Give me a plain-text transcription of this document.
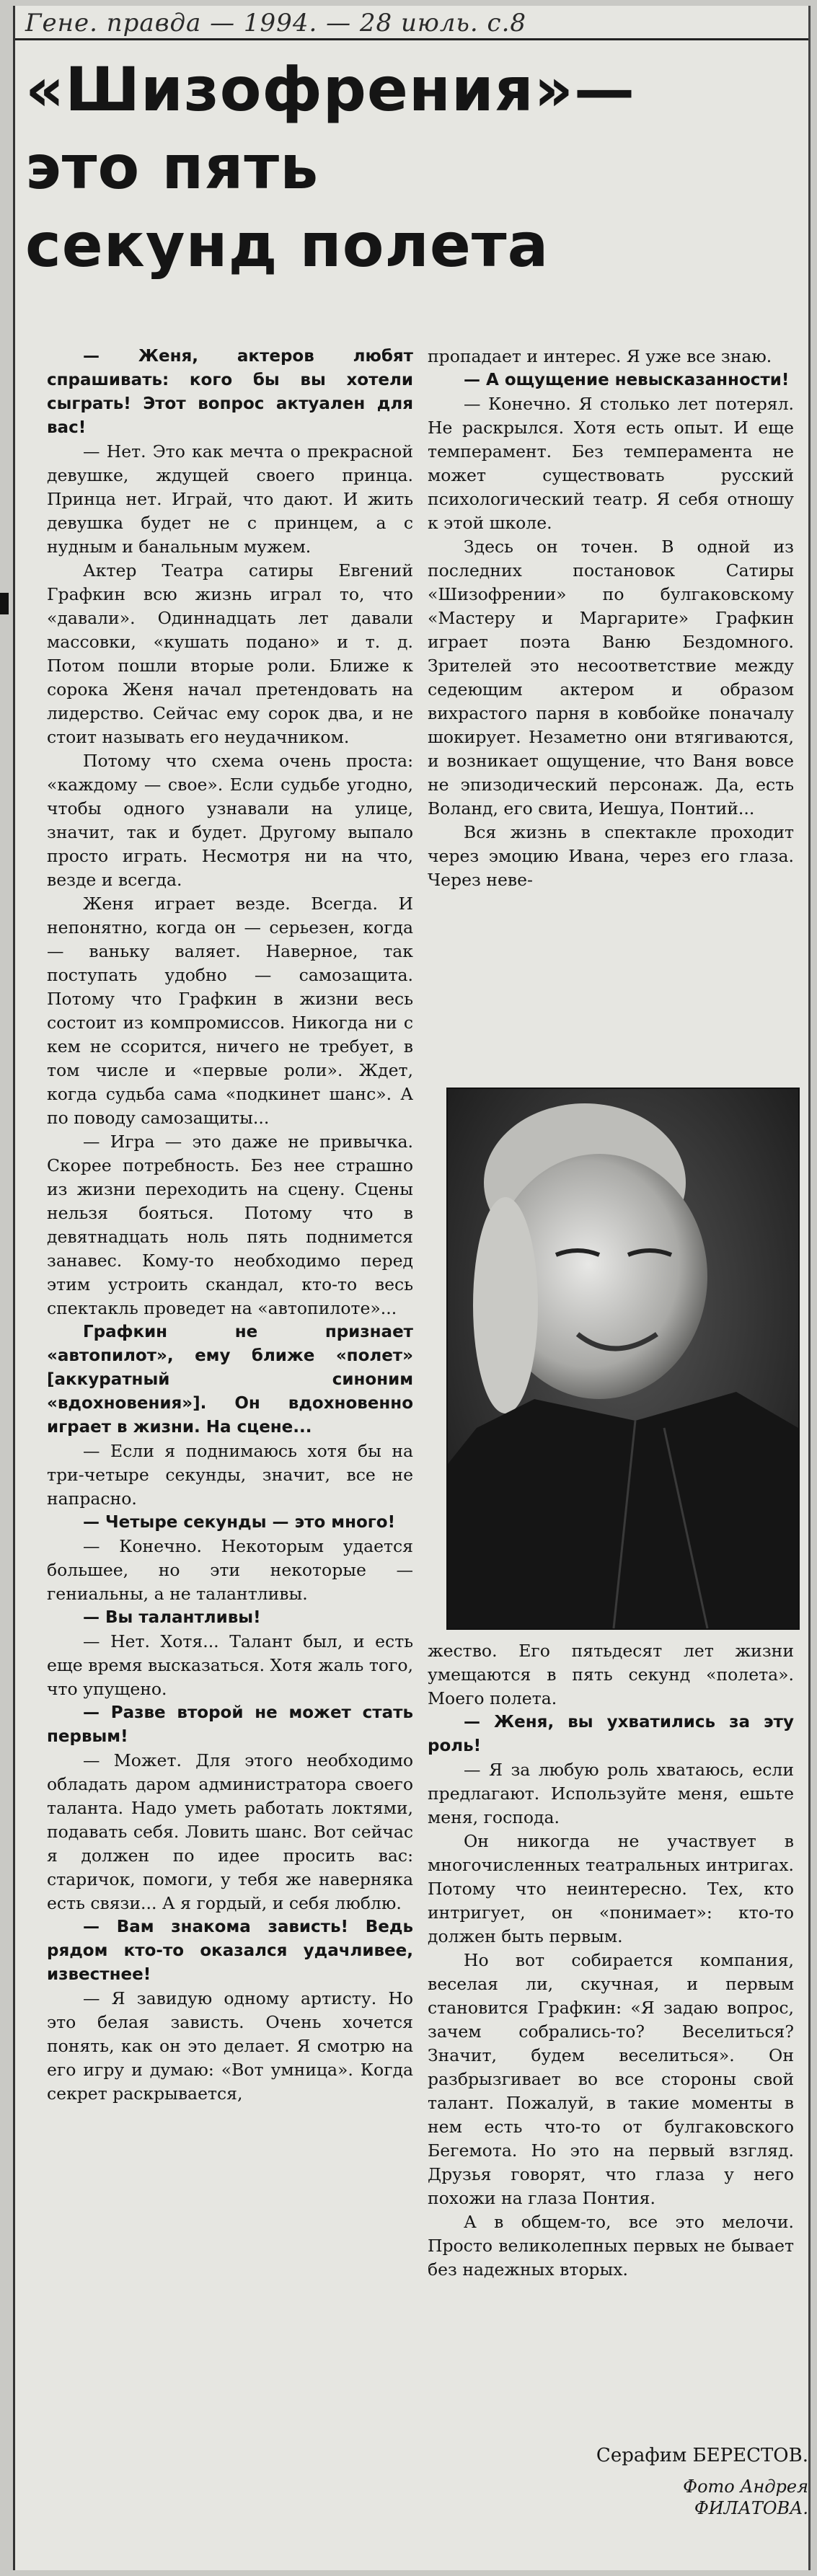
Гене. правда — 1994. — 28 июль. с.8
«Шизофрения»—
это пять
секунд полета

— Женя, актеров любят спрашивать: кого бы вы хотели сыграть! Этот вопрос актуален для вас!

— Нет. Это как мечта о прекрасной девушке, ждущей своего принца. Принца нет. Играй, что дают. И жить девушка будет не с принцем, а с нудным и банальным мужем.

Актер Театра сатиры Евгений Графкин всю жизнь играл то, что «давали». Одиннадцать лет давали массовки, «кушать подано» и т. д. Потом пошли вторые роли. Ближе к сорока Женя начал претендовать на лидерство. Сейчас ему сорок два, и не стоит называть его неудачником.

Потому что схема очень проста: «каждому — свое». Если судьбе угодно, чтобы одного узнавали на улице, значит, так и будет. Другому выпало просто играть. Несмотря ни на что, везде и всегда.

Женя играет везде. Всегда. И непонятно, когда он — серьезен, когда — ваньку валяет. Наверное, так поступать удобно — самозащита. Потому что Графкин в жизни весь состоит из компромиссов. Никогда ни с кем не ссорится, ничего не требует, в том числе и «первые роли». Ждет, когда судьба сама «подкинет шанс». А по поводу самозащиты...

— Игра — это даже не привычка. Скорее потребность. Без нее страшно из жизни переходить на сцену. Сцены нельзя бояться. Потому что в девятнадцать ноль пять поднимется занавес. Кому-то необходимо перед этим устроить скандал, кто-то весь спектакль проведет на «автопилоте»...

Графкин не признает «автопилот», ему ближе «полет» [аккуратный синоним «вдохновения»]. Он вдохновенно играет в жизни. На сцене...

— Если я поднимаюсь хотя бы на три-четыре секунды, значит, все не напрасно.

— Четыре секунды — это много!

— Конечно. Некоторым удается большее, но эти некоторые — гениальны, а не талантливы.

— Вы талантливы!

— Нет. Хотя... Талант был, и есть еще время высказаться. Хотя жаль того, что упущено.

— Разве второй не может стать первым!

— Может. Для этого необходимо обладать даром администратора своего таланта. Надо уметь работать локтями, подавать себя. Ловить шанс. Вот сейчас я должен по идее просить вас: старичок, помоги, у тебя же наверняка есть связи... А я гордый, и себя люблю.

— Вам знакома зависть! Ведь рядом кто-то оказался удачливее, известнее!

— Я завидую одному артисту. Но это белая зависть. Очень хочется понять, как он это делает. Я смотрю на его игру и думаю: «Вот умница». Когда секрет раскрывается,

пропадает и интерес. Я уже все знаю.

— А ощущение невысказанности!

— Конечно. Я столько лет потерял. Не раскрылся. Хотя есть опыт. И еще темперамент. Без темперамента не может существовать русский психологический театр. Я себя отношу к этой школе.

Здесь он точен. В одной из последних постановок Сатиры «Шизофрении» по булгаковскому «Мастеру и Маргарите» Графкин играет поэта Ваню Бездомного. Зрителей это несоответствие между седеющим актером и образом вихрастого парня в ковбойке поначалу шокирует. Незаметно они втягиваются, и возникает ощущение, что Ваня вовсе не эпизодический персонаж. Да, есть Воланд, его свита, Иешуа, Понтий...

Вся жизнь в спектакле проходит через эмоцию Ивана, через его глаза. Через неве-

жество. Его пятьдесят лет жизни умещаются в пять секунд «полета». Моего полета.

— Женя, вы ухватились за эту роль!

— Я за любую роль хватаюсь, если предлагают. Используйте меня, ешьте меня, господа.

Он никогда не участвует в многочисленных театральных интригах. Потому что неинтересно. Тех, кто интригует, он «понимает»: кто-то должен быть первым.

Но вот собирается компания, веселая ли, скучная, и первым становится Графкин: «Я задаю вопрос, зачем собрались-то? Веселиться? Значит, будем веселиться». Он разбрызгивает во все стороны свой талант. Пожалуй, в такие моменты в нем есть что-то от булгаковского Бегемота. Но это на первый взгляд. Друзья говорят, что глаза у него похожи на глаза Понтия.

А в общем-то, все это мелочи. Просто великолепных первых не бывает без надежных вторых.

Серафим БЕРЕСТОВ.
Фото Андрея
ФИЛАТОВА.
